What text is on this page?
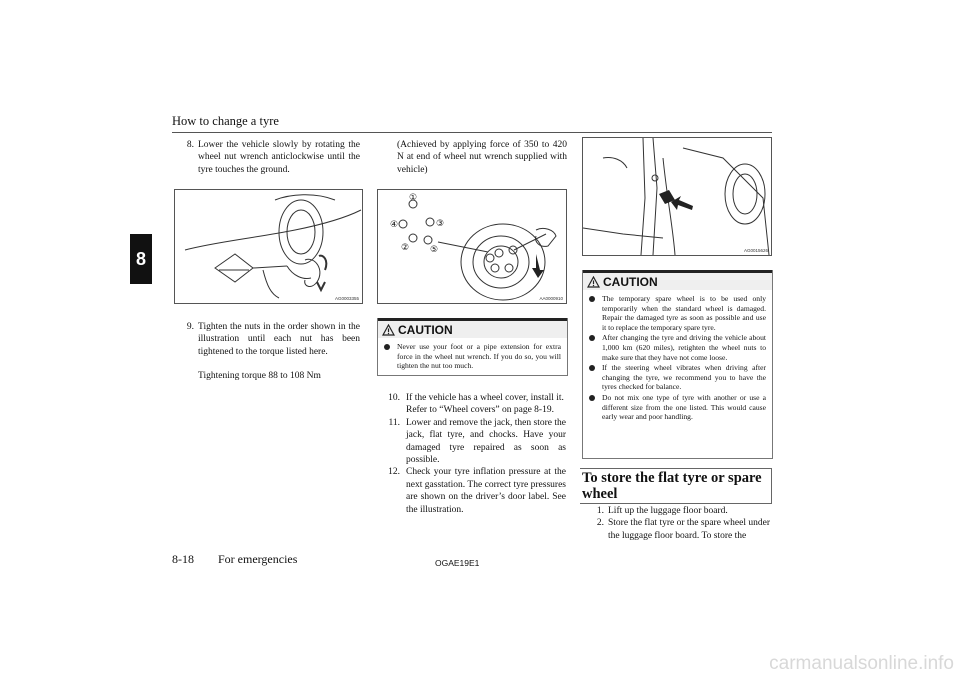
How to change a tyre
8

8. Lower the vehicle slowly by rotating the wheel nut wrench anticlockwise until the tyre touches the ground.

AG0003355

9. Tighten the nuts in the order shown in the illustration until each nut has been tightened to the torque listed here.

Tightening torque 88 to 108 Nm

(Achieved by applying force of 350 to 420 N at end of wheel nut wrench supplied with vehicle)
①
②
③
④
⑤
AA0000910
CAUTION
Never use your foot or a pipe extension for extra force in the wheel nut wrench. If you do so, you will tighten the nut too much.

10. If the vehicle has a wheel cover, install it.
Refer to “Wheel covers” on page 8-19.

11. Lower and remove the jack, then store the jack, flat tyre, and chocks. Have your damaged tyre repaired as soon as possible.

12. Check your tyre inflation pressure at the next gasstation. The correct tyre pressures are shown on the driver’s door label. See the illustration.

AG0015626
CAUTION
The temporary spare wheel is to be used only temporarily when the standard wheel is damaged. Repair the damaged tyre as soon as possible and use it to replace the temporary spare tyre.
After changing the tyre and driving the vehicle about 1,000 km (620 miles), retighten the wheel nuts to make sure that they have not come loose.
If the steering wheel vibrates when driving after changing the tyre, we recommend you to have the tyres checked for balance.
Do not mix one type of tyre with another or use a different size from the one listed. This would cause early wear and poor handling.
To store the flat tyre or spare wheel

1. Lift up the luggage floor board.

2. Store the flat tyre or the spare wheel under the luggage floor board. To store the

8-18 For emergencies	OGAE19E1
carmanualsonline.info
